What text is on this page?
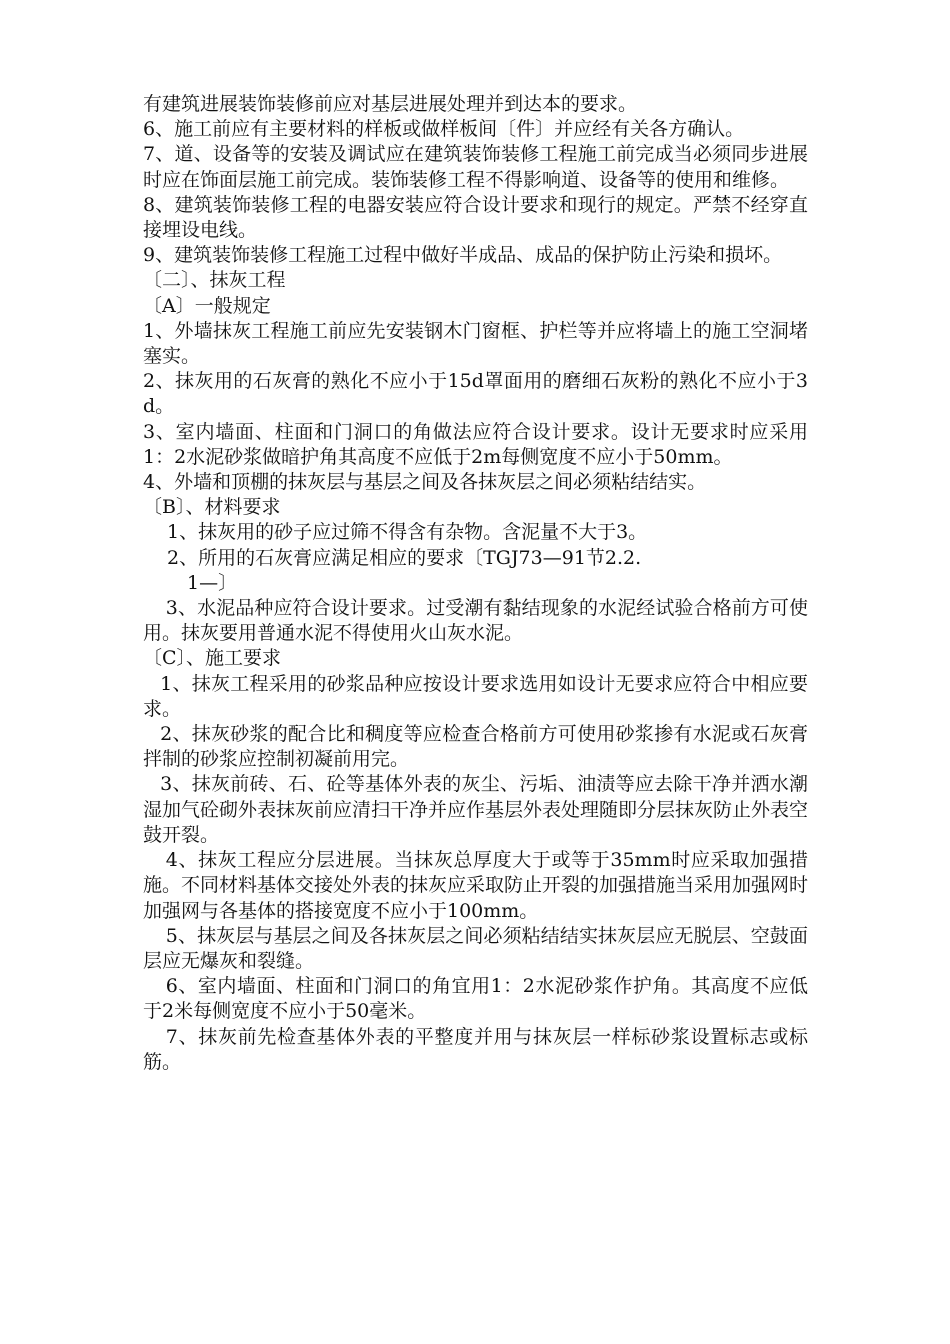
有建筑进展装饰装修前应对基层进展处理并到达本的要求。

6、施工前应有主要材料的样板或做样板间〔件〕并应经有关各方确认。

7、道、设备等的安装及调试应在建筑装饰装修工程施工前完成当必须同步进展时应在饰面层施工前完成。装饰装修工程不得影响道、设备等的使用和维修。

8、建筑装饰装修工程的电器安装应符合设计要求和现行的规定。严禁不经穿直接埋设电线。

9、建筑装饰装修工程施工过程中做好半成品、成品的保护防止污染和损坏。

〔二〕、抹灰工程

〔A〕一般规定

1、外墙抹灰工程施工前应先安装钢木门窗框、护栏等并应将墙上的施工空洞堵塞实。

2、抹灰用的石灰膏的熟化不应小于15d罩面用的磨细石灰粉的熟化不应小于3d。

3、室内墙面、柱面和门洞口的角做法应符合设计要求。设计无要求时应采用1：2水泥砂浆做暗护角其高度不应低于2m每侧宽度不应小于50mm。

4、外墙和顶棚的抹灰层与基层之间及各抹灰层之间必须粘结结实。

〔B〕、材料要求

1、抹灰用的砂子应过筛不得含有杂物。含泥量不大于3。

2、所用的石灰膏应满足相应的要求〔TGJ73—91节2.2.

1—〕

3、水泥品种应符合设计要求。过受潮有黏结现象的水泥经试验合格前方可使用。抹灰要用普通水泥不得使用火山灰水泥。

〔C〕、施工要求

1、抹灰工程采用的砂浆品种应按设计要求选用如设计无要求应符合中相应要求。

2、抹灰砂浆的配合比和稠度等应检查合格前方可使用砂浆掺有水泥或石灰膏拌制的砂浆应控制初凝前用完。

3、抹灰前砖、石、砼等基体外表的灰尘、污垢、油渍等应去除干净并洒水潮湿加气砼砌外表抹灰前应清扫干净并应作基层外表处理随即分层抹灰防止外表空鼓开裂。

4、抹灰工程应分层进展。当抹灰总厚度大于或等于35mm时应采取加强措施。不同材料基体交接处外表的抹灰应采取防止开裂的加强措施当采用加强网时加强网与各基体的搭接宽度不应小于100mm。

5、抹灰层与基层之间及各抹灰层之间必须粘结结实抹灰层应无脱层、空鼓面层应无爆灰和裂缝。

6、室内墙面、柱面和门洞口的角宜用1：2水泥砂浆作护角。其高度不应低于2米每侧宽度不应小于50毫米。

7、抹灰前先检查基体外表的平整度并用与抹灰层一样标砂浆设置标志或标筋。
